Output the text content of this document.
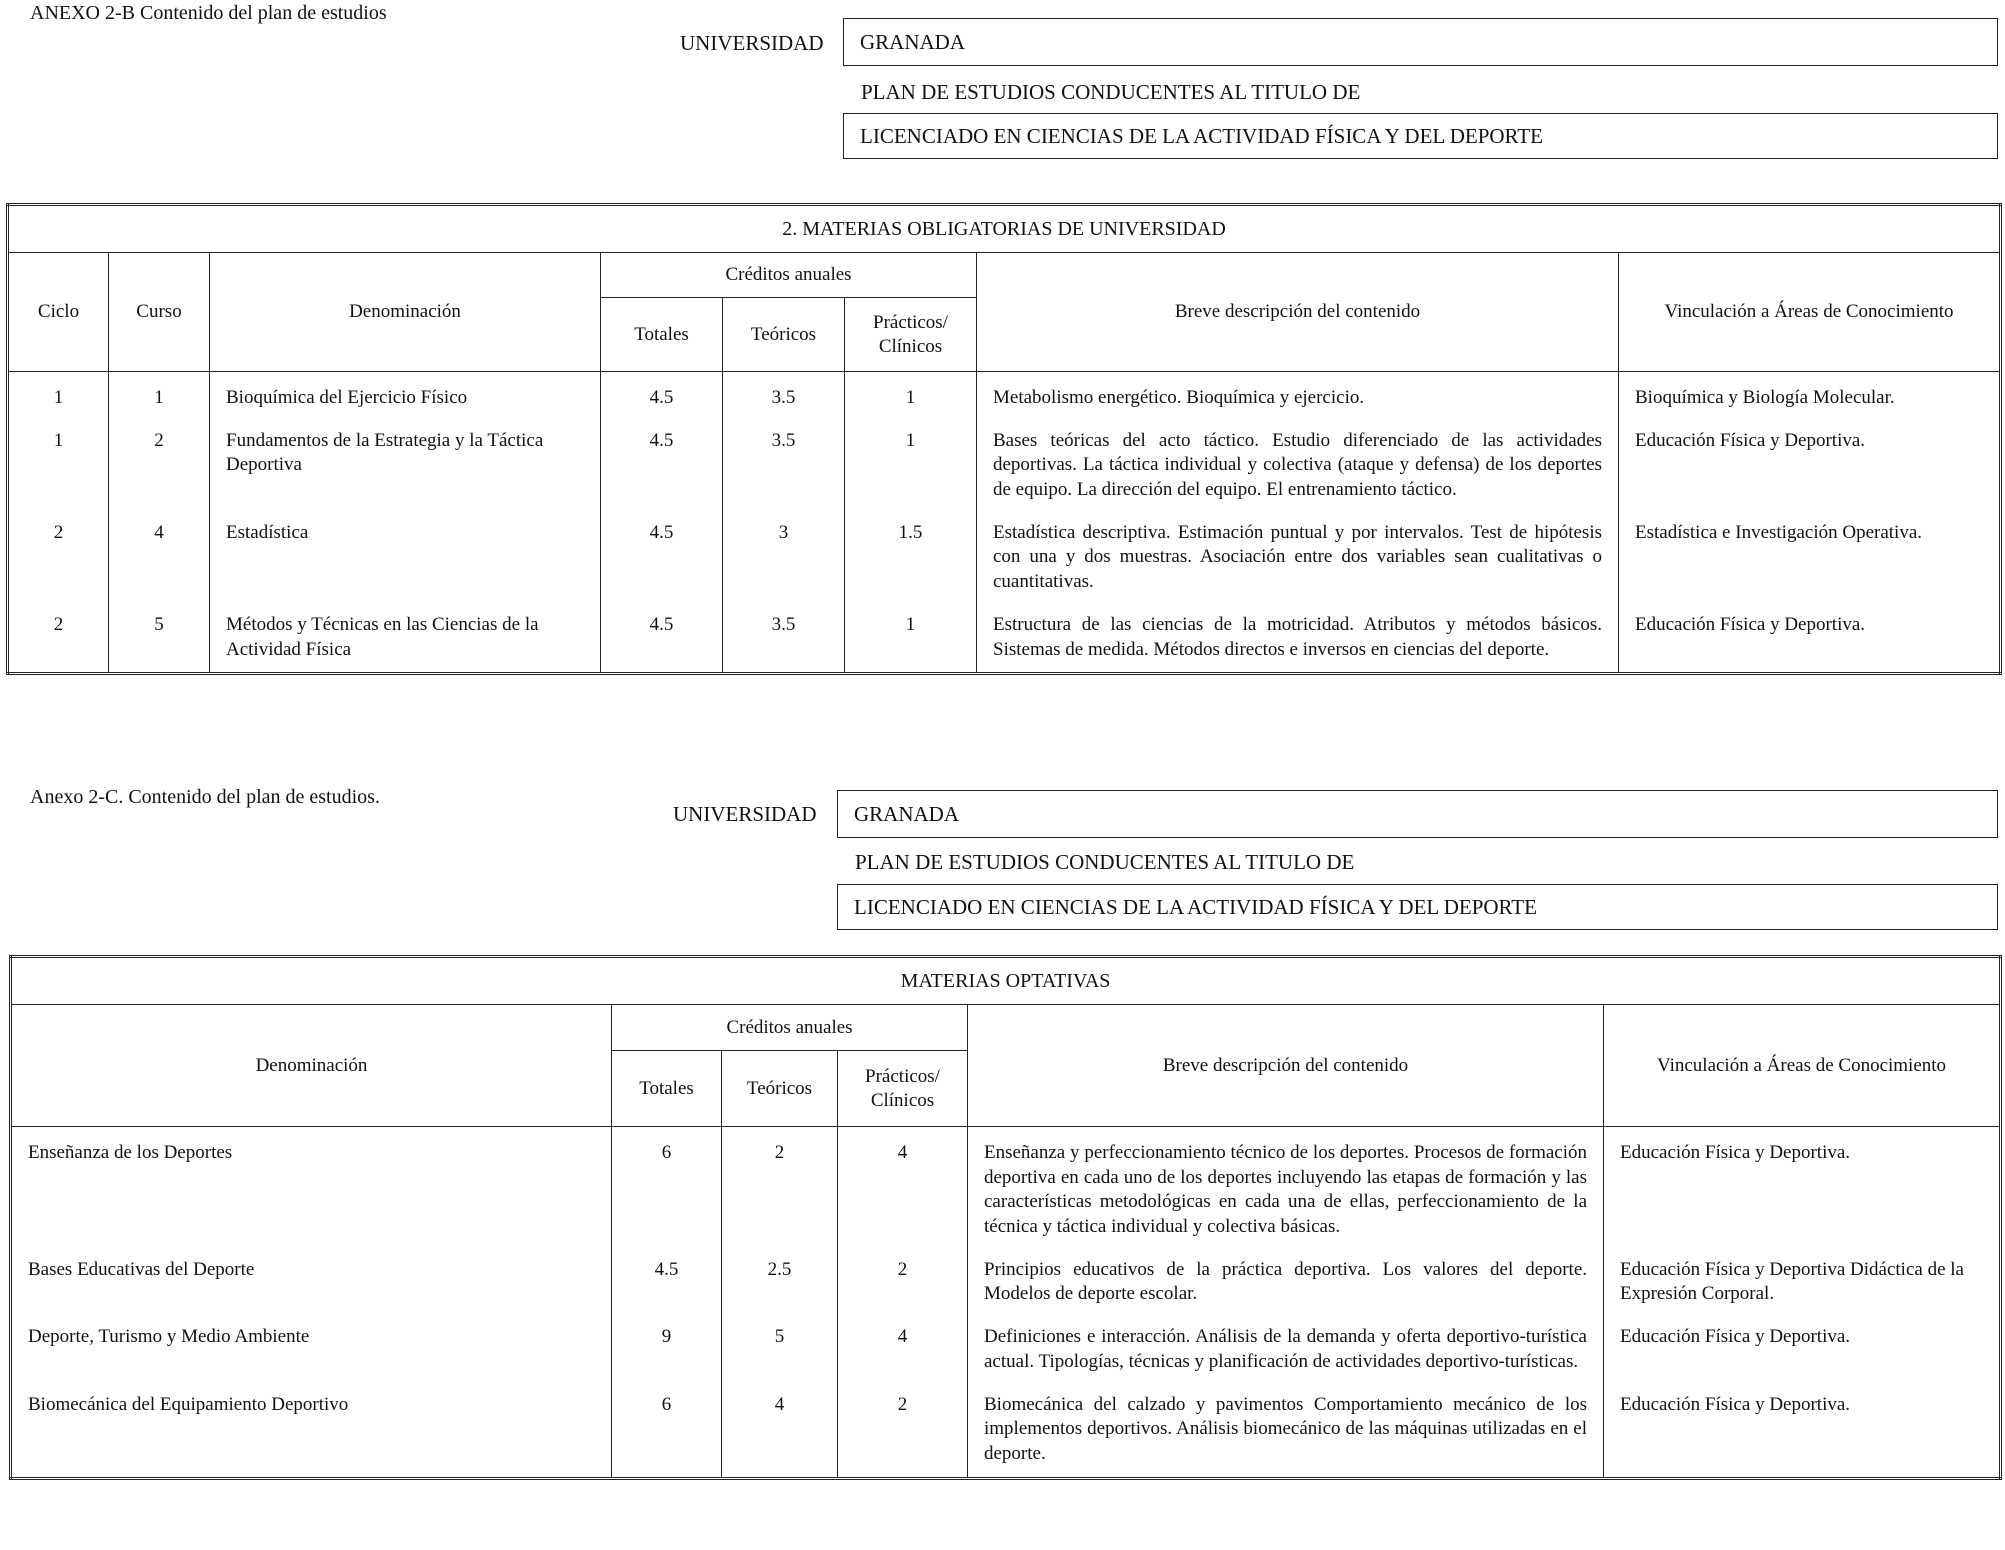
ANEXO 2-B Contenido del plan de estudios
UNIVERSIDAD GRANADA
PLAN DE ESTUDIOS CONDUCENTES AL TITULO DE
LICENCIADO EN CIENCIAS DE LA ACTIVIDAD FÍSICA Y DEL DEPORTE
2. MATERIAS OBLIGATORIAS DE UNIVERSIDAD							
Ciclo	Curso	Denominación	Créditos anuales			Breve descripción del contenido	Vinculación a Áreas de Conocimiento
			Totales	Teóricos	Prácticos/ Clínicos		
1	1	Bioquímica del Ejercicio Físico	4.5	3.5	1	Metabolismo energético. Bioquímica y ejercicio.	Bioquímica y Biología Molecular.
1	2	Fundamentos de la Estrategia y la Táctica Deportiva	4.5	3.5	1	Bases teóricas del acto táctico. Estudio diferenciado de las actividades deportivas. La táctica individual y colectiva (ataque y defensa) de los deportes de equipo. La dirección del equipo. El entrenamiento táctico.	Educación Física y Deportiva.
2	4	Estadística	4.5	3	1.5	Estadística descriptiva. Estimación puntual y por intervalos. Test de hipótesis con una y dos muestras. Asociación entre dos variables sean cualitativas o cuantitativas.	Estadística e Investigación Operativa.
2	5	Métodos y Técnicas en las Ciencias de la Actividad Física	4.5	3.5	1	Estructura de las ciencias de la motricidad. Atributos y métodos básicos. Sistemas de medida. Métodos directos e inversos en ciencias del deporte.	Educación Física y Deportiva.
Anexo 2-C. Contenido del plan de estudios.
UNIVERSIDAD GRANADA
PLAN DE ESTUDIOS CONDUCENTES AL TITULO DE
LICENCIADO EN CIENCIAS DE LA ACTIVIDAD FÍSICA Y DEL DEPORTE
MATERIAS OPTATIVAS					
Denominación	Créditos anuales			Breve descripción del contenido	Vinculación a Áreas de Conocimiento
	Totales	Teóricos	Prácticos/ Clínicos		
Enseñanza de los Deportes	6	2	4	Enseñanza y perfeccionamiento técnico de los deportes. Procesos de formación deportiva en cada uno de los deportes incluyendo las etapas de formación y las características metodológicas en cada una de ellas, perfeccionamiento de la técnica y táctica individual y colectiva básicas.	Educación Física y Deportiva.
Bases Educativas del Deporte	4.5	2.5	2	Principios educativos de la práctica deportiva. Los valores del deporte. Modelos de deporte escolar.	Educación Física y Deportiva Didáctica de la Expresión Corporal.
Deporte, Turismo y Medio Ambiente	9	5	4	Definiciones e interacción. Análisis de la demanda y oferta deportivo-turística actual. Tipologías, técnicas y planificación de actividades deportivo-turísticas.	Educación Física y Deportiva.
Biomecánica del Equipamiento Deportivo	6	4	2	Biomecánica del calzado y pavimentos Comportamiento mecánico de los implementos deportivos. Análisis biomecánico de las máquinas utilizadas en el deporte.	Educación Física y Deportiva.
